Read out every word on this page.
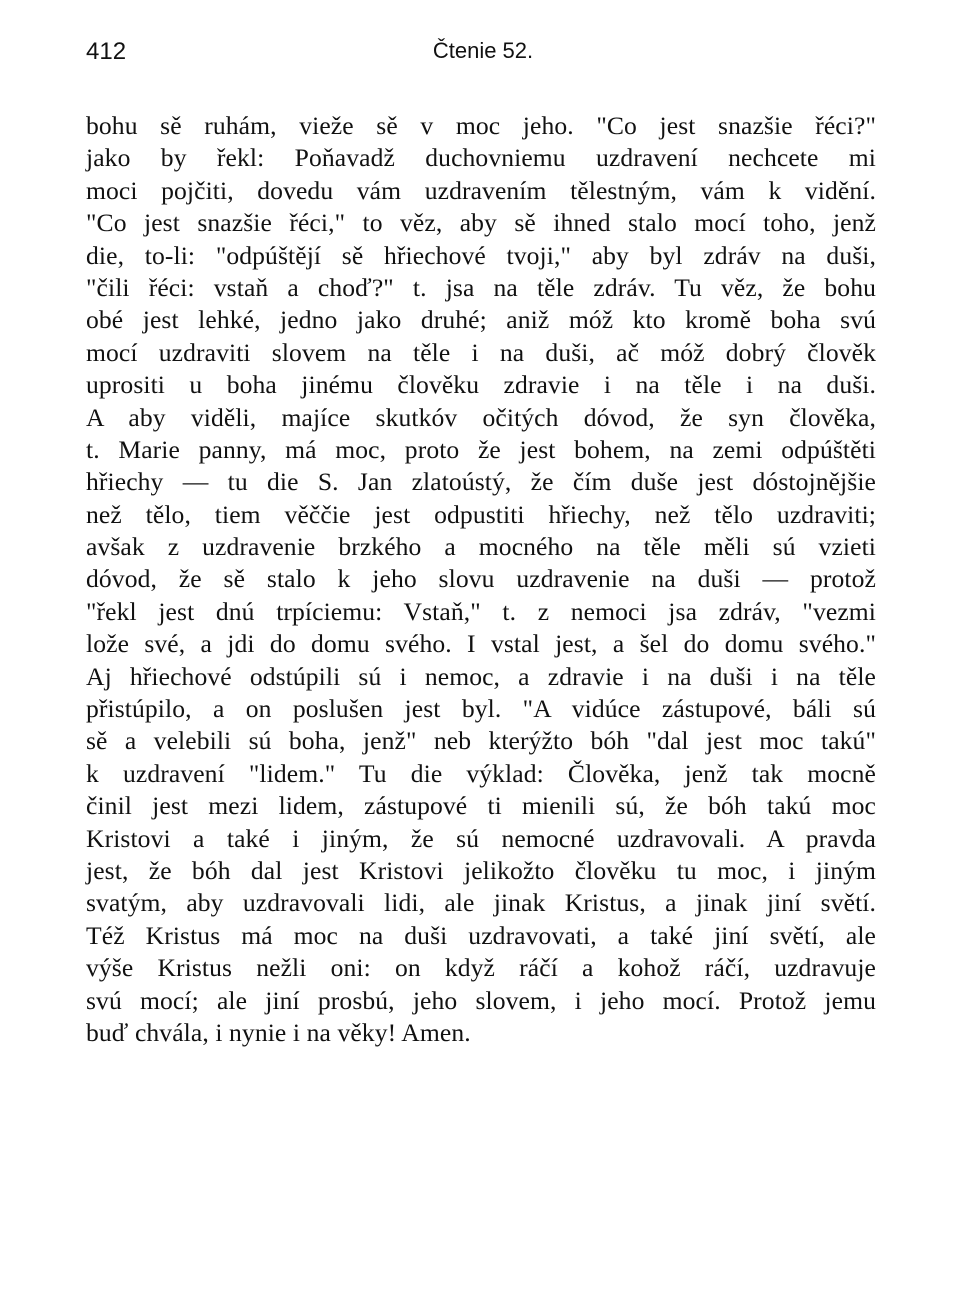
412	Čtenie 52.
bohu sě ruhám, vieže sě v moc jeho. "Co jest snazšie řéci?"
jako by řekl: Poňavadž duchovniemu uzdravení nechcete mi
moci pojčiti, dovedu vám uzdravením tělestným, vám k vidění.
"Co jest snazšie řéci," to věz, aby sě ihned stalo mocí toho, jenž
die, to-li: "odpúštějí sě hřiechové tvoji," aby byl zdráv na duši,
"čili řéci: vstaň a choď?" t. jsa na těle zdráv. Tu věz, že bohu
obé jest lehké, jedno jako druhé; aniž móž kto kromě boha svú
mocí uzdraviti slovem na těle i na duši, ač móž dobrý člověk
uprositi u boha jinému člověku zdravie i na těle i na duši.
A aby viděli, majíce skutkóv očitých dóvod, že syn člověka,
t. Marie panny, má moc, proto že jest bohem, na zemi odpúštěti
hřiechy — tu die S. Jan zlatoústý, že čím duše jest dóstojnějšie
než tělo, tiem věččie jest odpustiti hřiechy, než tělo uzdraviti;
avšak z uzdravenie brzkého a mocného na těle měli sú vzieti
dóvod, že sě stalo k jeho slovu uzdravenie na duši — protož
"řekl jest dnú trpíciemu: Vstaň," t. z nemoci jsa zdráv, "vezmi
lože své, a jdi do domu svého. I vstal jest, a šel do domu svého."
Aj hřiechové odstúpili sú i nemoc, a zdravie i na duši i na těle
přistúpilo, a on poslušen jest byl. "A vidúce zástupové, báli sú
sě a velebili sú boha, jenž" neb kterýžto bóh "dal jest moc takú"
k uzdravení "lidem." Tu die výklad: Člověka, jenž tak mocně
činil jest mezi lidem, zástupové ti mienili sú, že bóh takú moc
Kristovi a také i jiným, že sú nemocné uzdravovali. A pravda
jest, že bóh dal jest Kristovi jelikožto člověku tu moc, i jiným
svatým, aby uzdravovali lidi, ale jinak Kristus, a jinak jiní světí.
Též Kristus má moc na duši uzdravovati, a také jiní světí, ale
výše Kristus nežli oni: on když ráčí a kohož ráčí, uzdravuje
svú mocí; ale jiní prosbú, jeho slovem, i jeho mocí. Protož jemu
buď chvála, i nynie i na věky! Amen.
